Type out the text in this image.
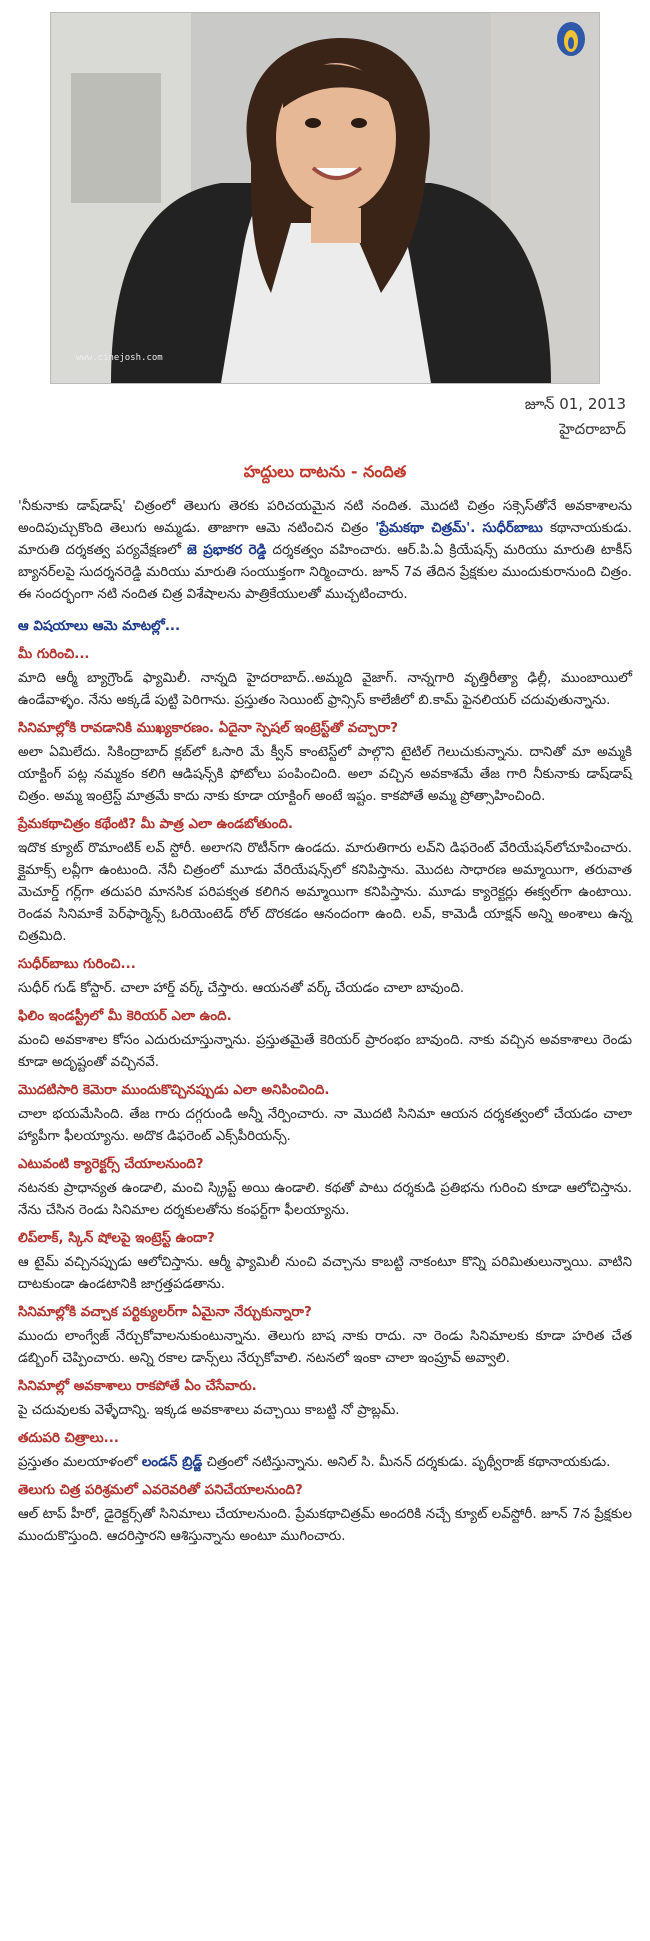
www.cinejosh.com
జూన్ 01, 2013
హైదరాబాద్
హద్దులు దాటను - నందిత

'నీకునాకు డాష్‌డాష్' చిత్రంలో తెలుగు తెరకు పరిచయమైన నటి నందిత. మొదటి చిత్రం సక్సెస్‌తోనే అవకాశాలను అందిపుచ్చుకొంది తెలుగు అమ్మడు. తాజాగా ఆమె నటించిన చిత్రం 'ప్రేమకథా చిత్రమ్'. సుధీర్‌బాబు కథానాయకుడు. మారుతి దర్శకత్వ పర్యవేక్షణలో జె ప్రభాకర రెడ్డి దర్శకత్వం వహించారు. ఆర్.పి.ఏ క్రియేషన్స్ మరియు మారుతి టాకీస్ బ్యానర్‌లపై సుదర్శనరెడ్డి మరియు మారుతి సంయుక్తంగా నిర్మించారు. జూన్ 7వ తేదిన ప్రేక్షకుల ముందుకురానుంది చిత్రం. ఈ సందర్భంగా నటి నందిత చిత్ర విశేషాలను పాత్రికేయులతో ముచ్చటించారు.

ఆ విషయాలు ఆమె మాటల్లో...
మీ గురించి...
మాది ఆర్మీ బ్యాగ్రౌండ్ ఫ్యామిలీ. నాన్నది హైదరాబాద్..అమ్మది వైజాగ్. నాన్నగారి వృత్తిరీత్యా ఢిల్లీ, ముంబాయిలో ఉండేవాళ్ళం. నేను అక్కడే పుట్టి పెరిగాను. ప్రస్తుతం సెయింట్ ఫ్రాన్సిస్ కాలేజీలో బి.కామ్ ఫైనలియర్ చదువుతున్నాను.
సినిమాల్లోకి రావడానికి ముఖ్యకారణం. ఏదైనా స్పెషల్ ఇంట్రెస్ట్‌తో వచ్చారా?
అలా ఏమిలేదు. సికింద్రాబాద్ క్లబ్‌లో ఓసారి మే క్వీన్ కాంటెస్ట్‌లో పాల్గొని టైటిల్ గెలుచుకున్నాను. దానితో మా అమ్మకి యాక్టింగ్ పట్ల నమ్మకం కలిగి ఆడిషన్స్‌కి ఫోటోలు పంపించింది. అలా వచ్చిన అవకాశమే తేజ గారి నీకునాకు డాష్‌డాష్ చిత్రం. అమ్మ ఇంట్రెస్ట్ మాత్రమే కాదు నాకు కూడా యాక్టింగ్ అంటే ఇష్టం. కాకపోతే అమ్మ ప్రోత్సాహించింది.
ప్రేమకథాచిత్రం కథేంటి? మీ పాత్ర ఎలా ఉండబోతుంది.
ఇదొక క్యూట్ రొమాంటిక్ లవ్ స్టోరీ. అలాగని రొటీన్‌గా ఉండదు. మారుతిగారు లవ్‌ని డిఫరెంట్ వేరియేషన్‌లోచూపించారు. క్లైమాక్స్ లవ్లీగా ఉంటుంది. నేనీ చిత్రంలో మూడు వేరియేషన్స్‌లో కనిపిస్తాను. మొదట సాధారణ అమ్మాయిగా, తరువాత మెచూర్డ్ గర్ల్‌గా తదుపరి మానసిక పరిపక్వత కలిగిన అమ్మాయిగా కనిపిస్తాను. మూడు క్యారెక్టర్లు ఈక్వల్‌గా ఉంటాయి. రెండవ సినిమాకే పెర్‌ఫార్మెన్స్ ఓరియెంటెడ్ రోల్ దొరకడం ఆనందంగా ఉంది. లవ్, కామెడీ యాక్షన్ అన్ని అంశాలు ఉన్న చిత్రమిది.
సుధీర్‌బాబు గురించి...
సుధీర్ గుడ్ కోస్టార్. చాలా హార్డ్ వర్క్ చేస్తారు. ఆయనతో వర్క్ చేయడం చాలా బావుంది.
ఫిలిం ఇండస్ట్రీలో మీ కెరియర్ ఎలా ఉంది.
మంచి అవకాశాల కోసం ఎదురుచూస్తున్నాను. ప్రస్తుతమైతే కెరియర్ ప్రారంభం బావుంది. నాకు వచ్చిన అవకాశాలు రెండు కూడా అదృష్టంతో వచ్చినవే.
మొదటిసారి కెమెరా ముందుకొచ్చినప్పుడు ఎలా అనిపించింది.
చాలా భయమేసింది. తేజ గారు దగ్గరుండి అన్నీ నేర్పించారు. నా మొదటి సినిమా ఆయన దర్శకత్వంలో చేయడం చాలా హ్యాపీగా ఫీలయ్యాను. అదొక డిఫరెంట్ ఎక్స్‌పీరియన్స్.
ఎటువంటి క్యారెక్టర్స్ చేయాలనుంది?
నటనకు ప్రాధాన్యత ఉండాలి, మంచి స్క్రిప్ట్ అయి ఉండాలి. కథతో పాటు దర్శకుడి ప్రతిభను గురించి కూడా ఆలోచిస్తాను. నేను చేసిన రెండు సినిమాల దర్శకులతోను కంఫర్ట్‌గా ఫీలయ్యాను.
లిప్‌లాక్, స్కిన్ షోలపై ఇంట్రెస్ట్ ఉందా?
ఆ టైమ్ వచ్చినప్పుడు ఆలోచిస్తాను. ఆర్మీ ఫ్యామిలీ నుంచి వచ్చాను కాబట్టి నాకంటూ కొన్ని పరిమితులున్నాయి. వాటిని దాటకుండా ఉండటానికి జాగ్రత్తపడతాను.
సినిమాల్లోకి వచ్చాక పర్టిక్యులర్‌గా ఏమైనా నేర్చుకున్నారా?
ముందు లాంగ్వేజ్ నేర్చుకోవాలనుకుంటున్నాను. తెలుగు బాష నాకు రాదు. నా రెండు సినిమాలకు కూడా హరిత చేత డబ్బింగ్ చెప్పించారు. అన్ని రకాల డాన్స్‌లు నేర్చుకోవాలి. నటనలో ఇంకా చాలా ఇంప్రూవ్ అవ్వాలి.
సినిమాల్లో అవకాశాలు రాకపోతే ఏం చేసేవారు.
పై చదువులకు వెళ్ళేదాన్ని. ఇక్కడ అవకాశాలు వచ్చాయి కాబట్టి నో ప్రాబ్లమ్.
తదుపరి చిత్రాలు...
ప్రస్తుతం మలయాళంలో లండన్ బ్రిడ్జ్ చిత్రంలో నటిస్తున్నాను. అనిల్ సి. మీనన్ దర్శకుడు. పృథ్వీరాజ్ కథానాయకుడు.
తెలుగు చిత్ర పరిశ్రమలో ఎవరెవరితో పనిచేయాలనుంది?
ఆల్ టాప్ హీరో, డైరెక్టర్స్‌తో సినిమాలు చేయాలనుంది. ప్రేమకథాచిత్రమ్ అందరికి నచ్చే క్యూట్ లవ్‌స్టోరీ. జూన్ 7న ప్రేక్షకుల ముందుకొస్తుంది. ఆదరిస్తారని ఆశిస్తున్నాను అంటూ ముగించారు.
